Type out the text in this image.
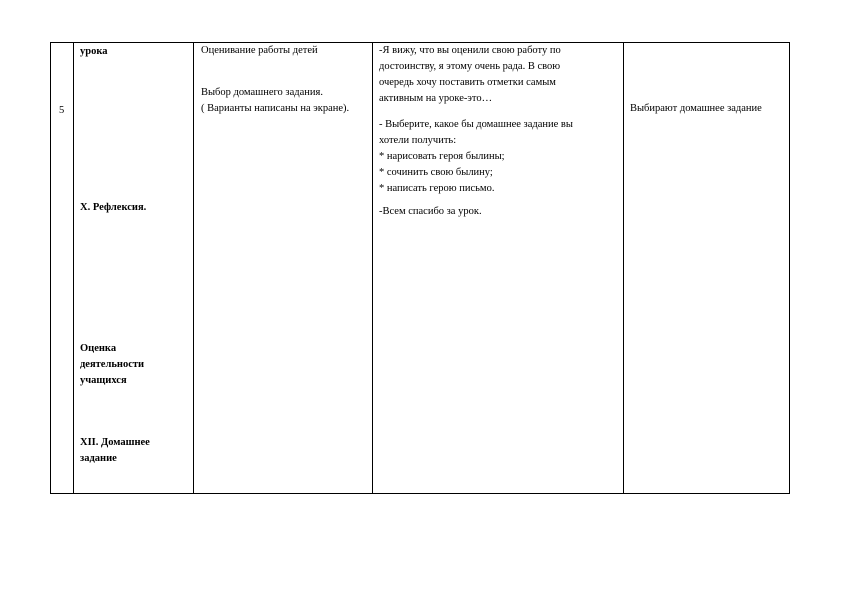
5
урока
X. Рефлексия.
Оценка
деятельности
учащихся
XII. Домашнее
задание
Оценивание работы детей
Выбор домашнего задания.
( Варианты написаны на экране).
-Я вижу, что вы оценили свою работу по
достоинству, я этому очень рада. В свою
очередь хочу поставить отметки самым
активным на уроке-это…
- Выберите, какое бы домашнее задание вы
хотели получить:
* нарисовать героя былины;
* сочинить свою былину;
* написать герою письмо.
-Всем спасибо за урок.
Выбирают домашнее задание
